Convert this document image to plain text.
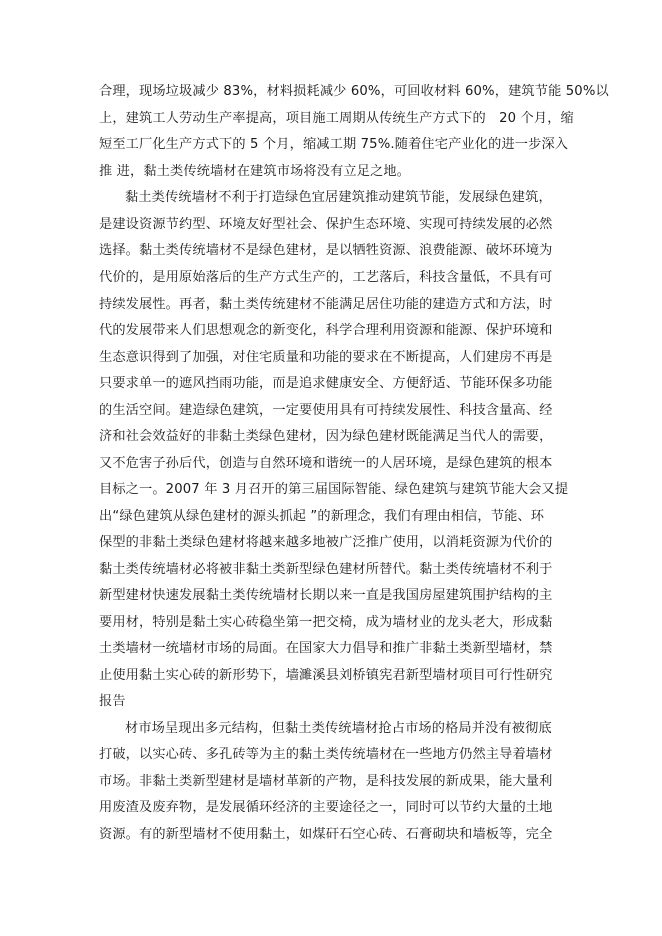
合理，现场垃圾减少 83%，材料损耗减少 60%，可回收材料 60%，建筑节能 50%以
上，建筑工人劳动生产率提高，项目施工周期从传统生产方式下的　20 个月，缩
短至工厂化生产方式下的 5 个月，缩减工期 75%.随着住宅产业化的进一步深入
推 进，黏土类传统墙材在建筑市场将没有立足之地。
黏土类传统墙材不利于打造绿色宜居建筑推动建筑节能，发展绿色建筑，
是建设资源节约型、环境友好型社会、保护生态环境、实现可持续发展的必然
选择。黏土类传统墙材不是绿色建材，是以牺牲资源、浪费能源、破坏环境为
代价的，是用原始落后的生产方式生产的，工艺落后，科技含量低，不具有可
持续发展性。再者，黏土类传统建材不能满足居住功能的建造方式和方法，时
代的发展带来人们思想观念的新变化，科学合理利用资源和能源、保护环境和
生态意识得到了加强，对住宅质量和功能的要求在不断提高，人们建房不再是
只要求单一的遮风挡雨功能，而是追求健康安全、方便舒适、节能环保多功能
的生活空间。建造绿色建筑，一定要使用具有可持续发展性、科技含量高、经
济和社会效益好的非黏土类绿色建材，因为绿色建材既能满足当代人的需要，
又不危害子孙后代，创造与自然环境和谐统一的人居环境，是绿色建筑的根本
目标之一。2007 年 3 月召开的第三届国际智能、绿色建筑与建筑节能大会又提
出“绿色建筑从绿色建材的源头抓起 ”的新理念，我们有理由相信，节能、环
保型的非黏土类绿色建材将越来越多地被广泛推广使用，以消耗资源为代价的
黏土类传统墙材必将被非黏土类新型绿色建材所替代。黏土类传统墙材不利于
新型建材快速发展黏土类传统墙材长期以来一直是我国房屋建筑围护结构的主
要用材，特别是黏土实心砖稳坐第一把交椅，成为墙材业的龙头老大，形成黏
土类墙材一统墙材市场的局面。在国家大力倡导和推广非黏土类新型墙材，禁
止使用黏土实心砖的新形势下，墙濉溪县刘桥镇宪君新型墙材项目可行性研究
报告
材市场呈现出多元结构，但黏土类传统墙材抢占市场的格局并没有被彻底
打破，以实心砖、多孔砖等为主的黏土类传统墙材在一些地方仍然主导着墙材
市场。非黏土类新型建材是墙材革新的产物，是科技发展的新成果，能大量利
用废渣及废弃物，是发展循环经济的主要途径之一，同时可以节约大量的土地
资源。有的新型墙材不使用黏土，如煤矸石空心砖、石膏砌块和墙板等，完全
